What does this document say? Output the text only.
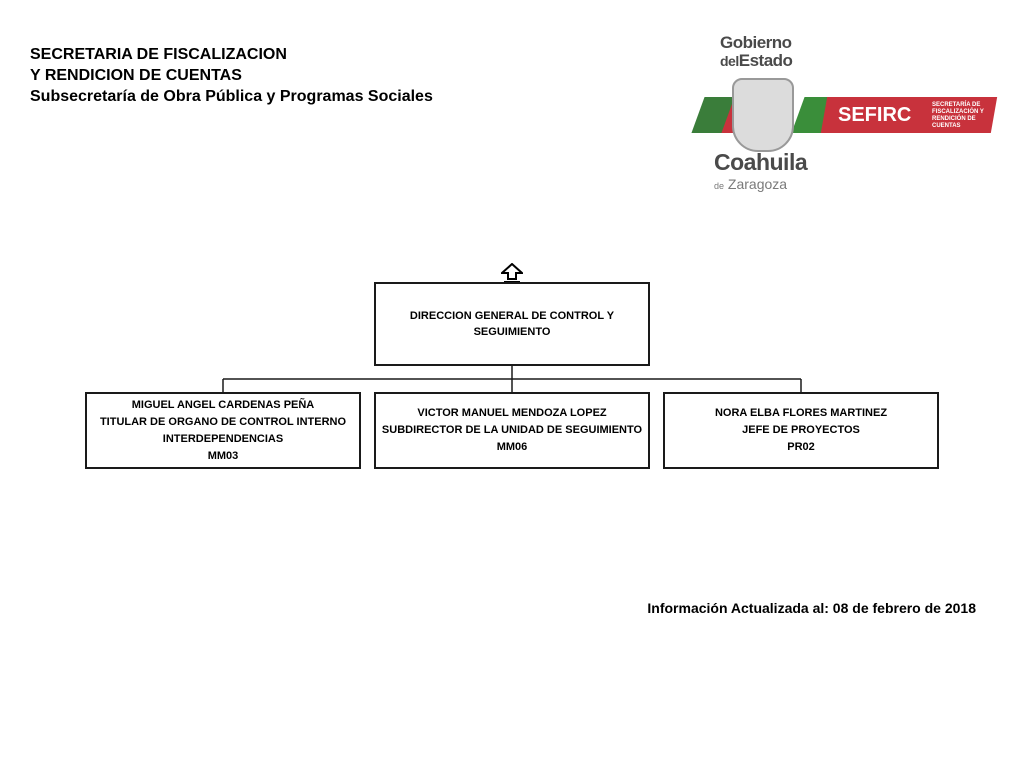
SECRETARIA DE FISCALIZACION
Y RENDICION DE CUENTAS
Subsecretaría de Obra Pública y Programas Sociales
Gobierno
delEstado
SEFIRC	SECRETARÍA DE FISCALIZACIÓN Y RENDICIÓN DE CUENTAS
Coahuila
de Zaragoza
DIRECCION GENERAL DE CONTROL Y
SEGUIMIENTO
MIGUEL ANGEL CARDENAS PEÑA
TITULAR DE ORGANO DE CONTROL INTERNO
INTERDEPENDENCIAS
MM03
VICTOR MANUEL MENDOZA LOPEZ
SUBDIRECTOR DE LA UNIDAD DE SEGUIMIENTO
MM06
NORA ELBA FLORES MARTINEZ
JEFE DE PROYECTOS
PR02
Información Actualizada al: 08 de febrero de 2018
